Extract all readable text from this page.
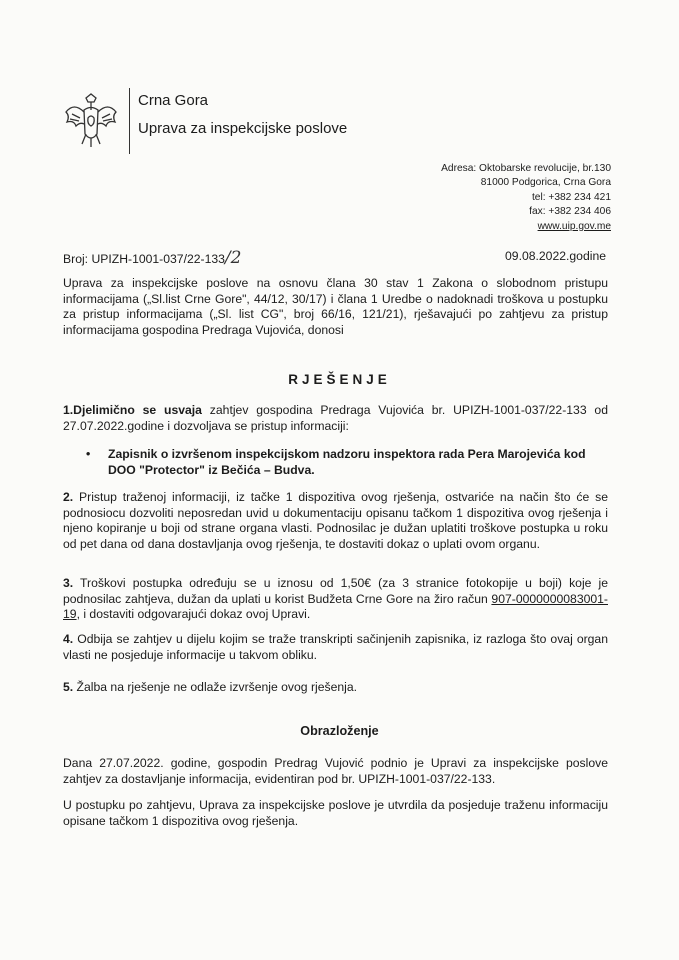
Crna Gora
Uprava za inspekcijske poslove
Adresa: Oktobarske revolucije, br.130
81000 Podgorica, Crna Gora
tel: +382 234 421
fax: +382 234 406
www.uip.gov.me
Broj: UPIZH-1001-037/22-133/2	09.08.2022.godine
Uprava za inspekcijske poslove na osnovu člana 30 stav 1 Zakona o slobodnom pristupu informacijama („Sl.list Crne Gore", 44/12, 30/17) i člana 1 Uredbe o nadoknadi troškova u postupku za pristup informacijama („Sl. list CG", broj 66/16, 121/21), rješavajući po zahtjevu za pristup informacijama gospodina Predraga Vujovića, donosi
RJEŠENJE
1.Djelimično se usvaja zahtjev gospodina Predraga Vujovića br. UPIZH-1001-037/22-133 od 27.07.2022.godine i dozvoljava se pristup informaciji:
• Zapisnik o izvršenom inspekcijskom nadzoru inspektora rada Pera Marojevića kod DOO "Protector" iz Bečića – Budva.
2. Pristup traženoj informaciji, iz tačke 1 dispozitiva ovog rješenja, ostvariće na način što će se podnosiocu dozvoliti neposredan uvid u dokumentaciju opisanu tačkom 1 dispozitiva ovog rješenja i njeno kopiranje u boji od strane organa vlasti. Podnosilac je dužan uplatiti troškove postupka u roku od pet dana od dana dostavljanja ovog rješenja, te dostaviti dokaz o uplati ovom organu.
3. Troškovi postupka određuju se u iznosu od 1,50€ (za 3 stranice fotokopije u boji) koje je podnosilac zahtjeva, dužan da uplati u korist Budžeta Crne Gore na žiro račun 907-0000000083001-19, i dostaviti odgovarajući dokaz ovoj Upravi.
4. Odbija se zahtjev u dijelu kojim se traže transkripti sačinjenih zapisnika, iz razloga što ovaj organ vlasti ne posjeduje informacije u takvom obliku.
5. Žalba na rješenje ne odlaže izvršenje ovog rješenja.
Obrazloženje
Dana 27.07.2022. godine, gospodin Predrag Vujović podnio je Upravi za inspekcijske poslove zahtjev za dostavljanje informacija, evidentiran pod br. UPIZH-1001-037/22-133.
U postupku po zahtjevu, Uprava za inspekcijske poslove je utvrdila da posjeduje traženu informaciju opisane tačkom 1 dispozitiva ovog rješenja.
